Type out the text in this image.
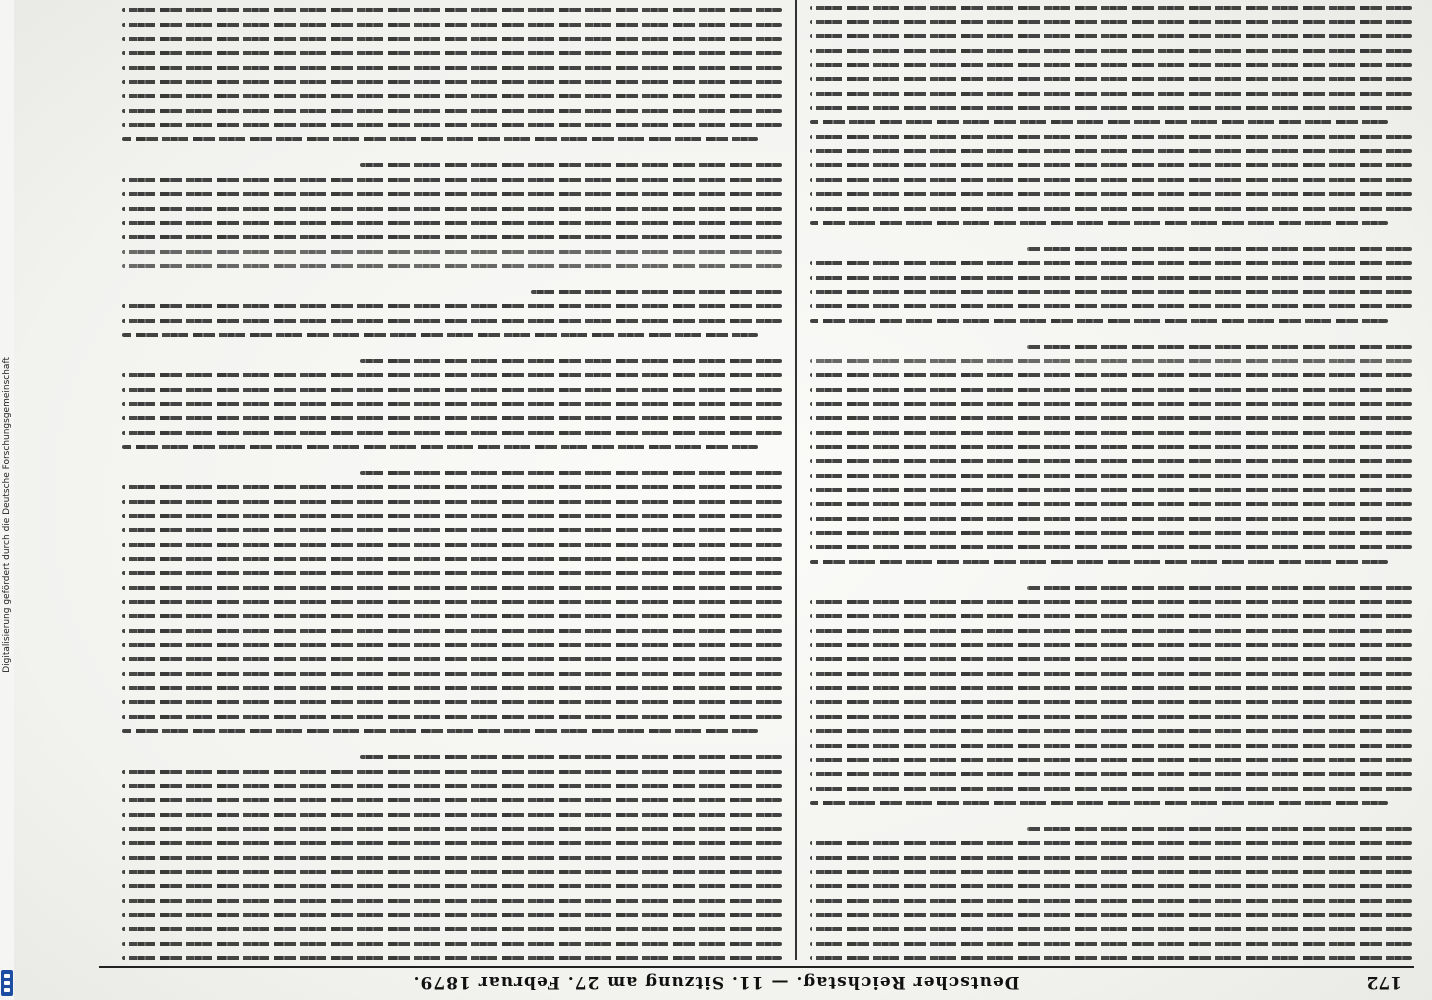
172
Deutscher Reichstag. — 11. Sitzung am 27. Februar 1879.
Digitalisierung gefördert durch die Deutsche Forschungsgemeinschaft
